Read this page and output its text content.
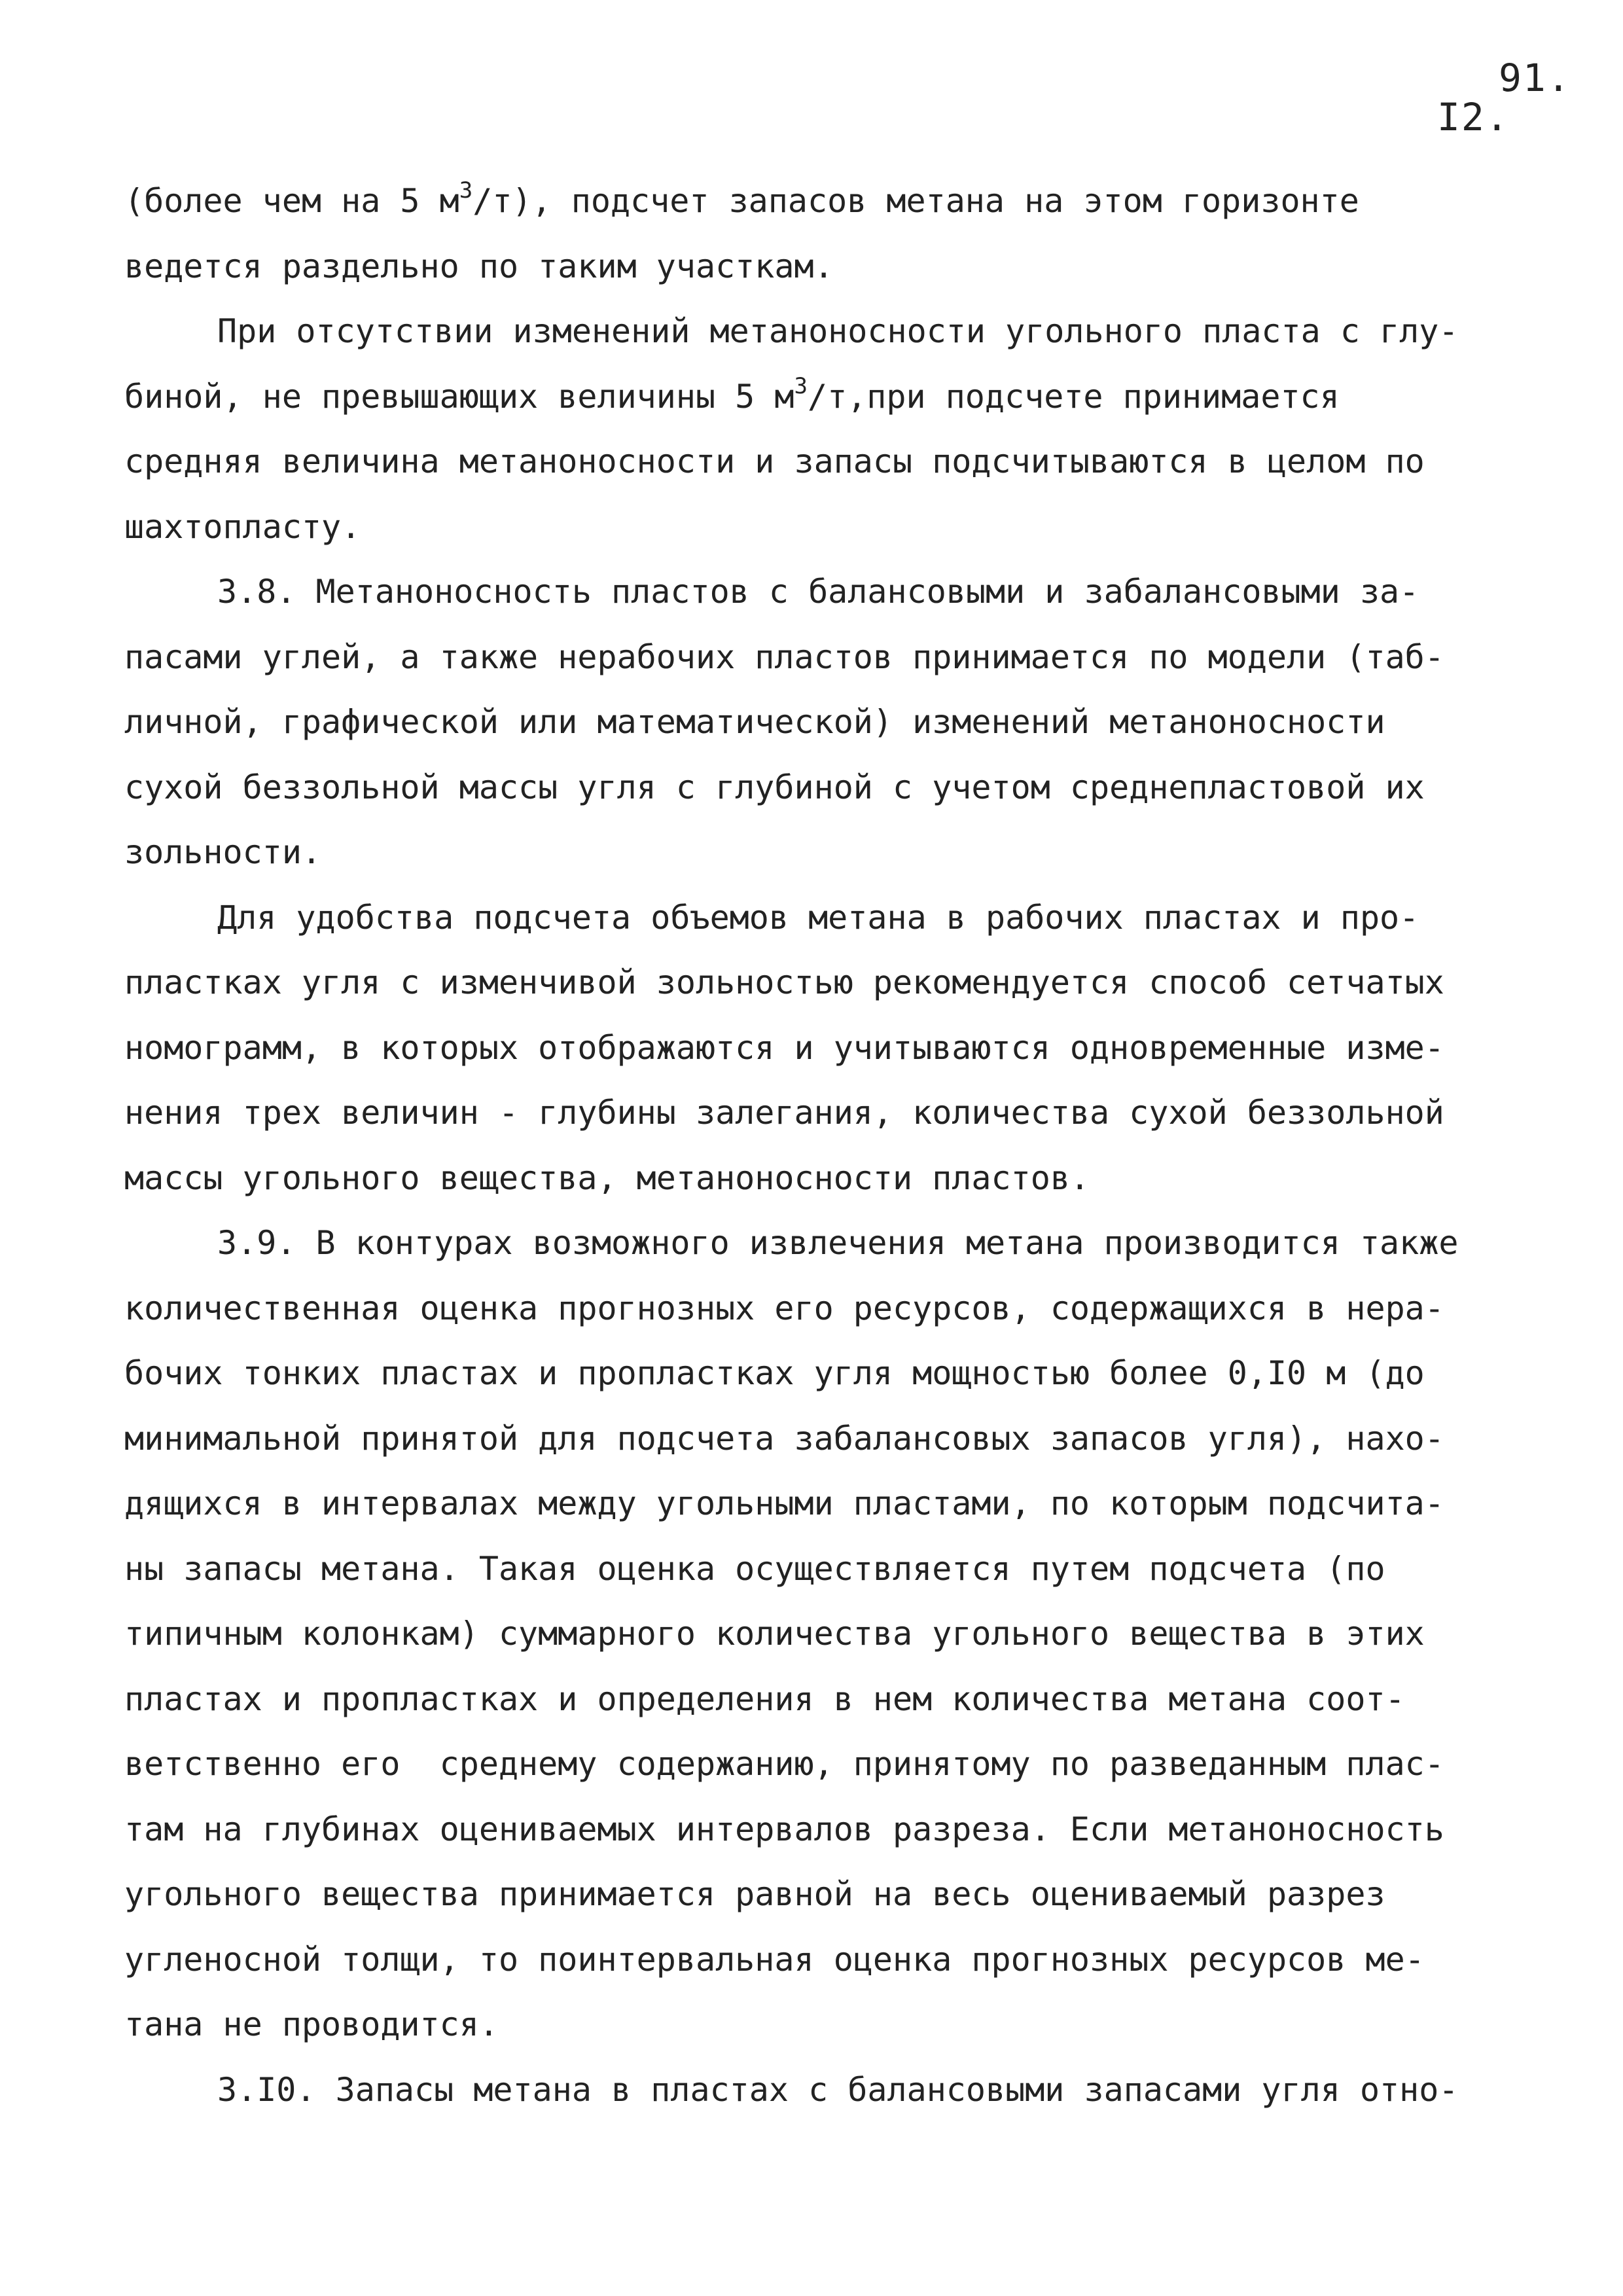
91.
I2.
(более чем на 5 $м^3/т$), подсчет запасов метана на этом горизонте
ведется раздельно по таким участкам.
При отсутствии изменений метаноносности угольного пласта с глу-
биной, не превышающих величины 5 $м^3/т,при$ подсчете принимается
средняя величина метаноносности и запасы подсчитываются в целом по
шахтопласту.
3.8. Метаноносность пластов с балансовыми и забалансовыми за-
пасами углей, а также нерабочих пластов принимается по модели (таб-
личной, графической или математической) изменений метаноносности
сухой беззольной массы угля с глубиной с учетом среднепластовой их
зольности.
Для удобства подсчета объемов метана в рабочих пластах и про-
пластках угля с изменчивой зольностью рекомендуется способ сетчатых
номограмм, в которых отображаются и учитываются одновременные изме-
нения трех величин - глубины залегания, количества сухой беззольной
массы угольного вещества, метаноносности пластов.
3.9. В контурах возможного извлечения метана производится также
количественная оценка прогнозных его ресурсов, содержащихся в нера-
бочих тонких пластах и пропластках угля мощностью более 0,I0 м (до
минимальной принятой для подсчета забалансовых запасов угля), нахо-
дящихся в интервалах между угольными пластами, по которым подсчита-
ны запасы метана. Такая оценка осуществляется путем подсчета (по
типичным колонкам) суммарного количества угольного вещества в этих
пластах и пропластках и определения в нем количества метана соот-
ветственно его  среднему содержанию, принятому по разведанным плас-
там на глубинах оцениваемых интервалов разреза. Если метаноносность
угольного вещества принимается равной на весь оцениваемый разрез
угленосной толщи, то поинтервальная оценка прогнозных ресурсов ме-
тана не проводится.
3.I0. Запасы метана в пластах с балансовыми запасами угля отно-
